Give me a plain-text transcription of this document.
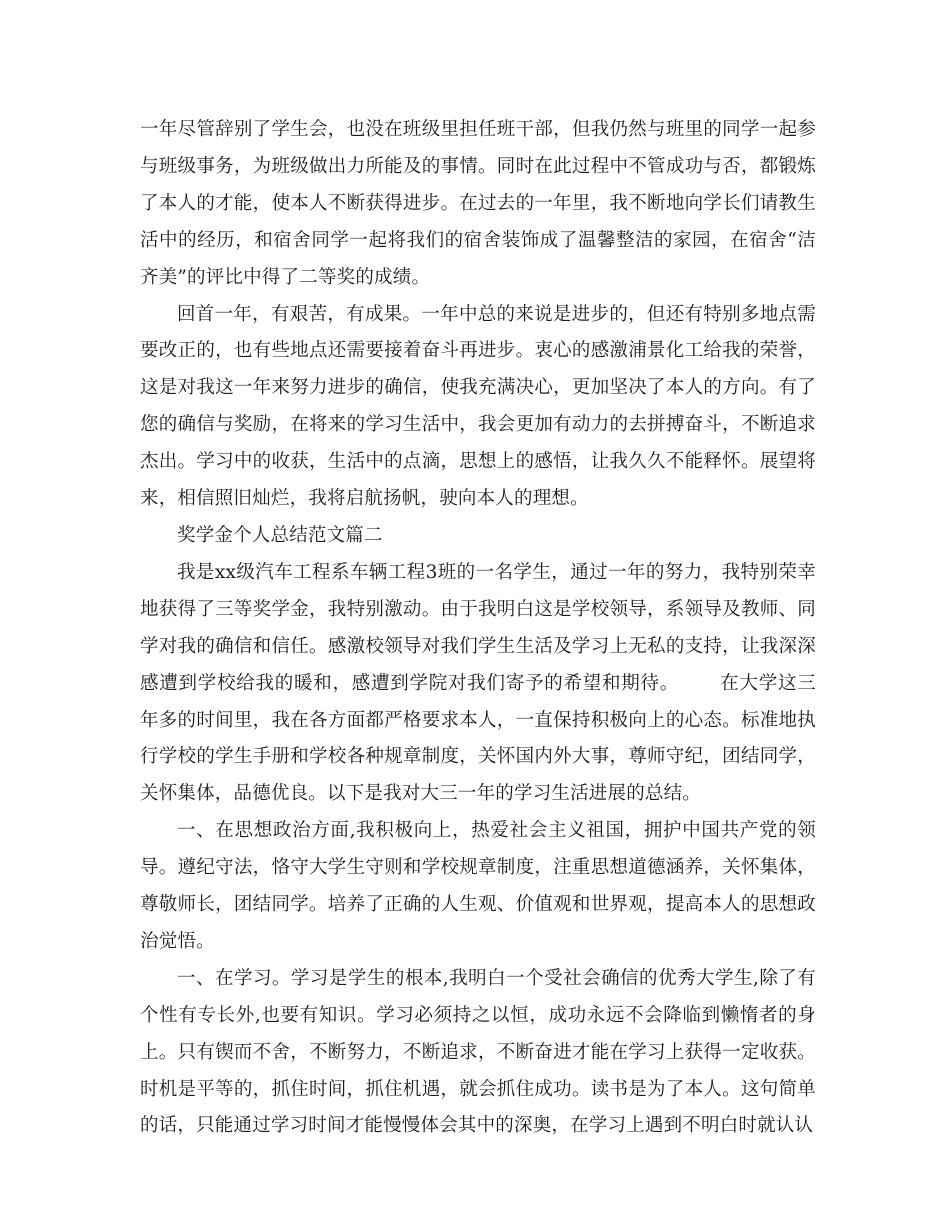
一年尽管辞别了学生会，也没在班级里担任班干部，但我仍然与班里的同学一起参与班级事务，为班级做出力所能及的事情。同时在此过程中不管成功与否，都锻炼了本人的才能，使本人不断获得进步。在过去的一年里，我不断地向学长们请教生活中的经历，和宿舍同学一起将我们的宿舍装饰成了温馨整洁的家园，在宿舍“洁齐美”的评比中得了二等奖的成绩。

回首一年，有艰苦，有成果。一年中总的来说是进步的，但还有特别多地点需要改正的，也有些地点还需要接着奋斗再进步。衷心的感激浦景化工给我的荣誉，这是对我这一年来努力进步的确信，使我充满决心，更加坚决了本人的方向。有了您的确信与奖励，在将来的学习生活中，我会更加有动力的去拼搏奋斗，不断追求杰出。学习中的收获，生活中的点滴，思想上的感悟，让我久久不能释怀。展望将来，相信照旧灿烂，我将启航扬帆，驶向本人的理想。

奖学金个人总结范文篇二

我是xx级汽车工程系车辆工程3班的一名学生，通过一年的努力，我特别荣幸地获得了三等奖学金，我特别激动。由于我明白这是学校领导，系领导及教师、同学对我的确信和信任。感激校领导对我们学生生活及学习上无私的支持，让我深深感遭到学校给我的暖和，感遭到学院对我们寄予的希望和期待。 在大学这三年多的时间里，我在各方面都严格要求本人，一直保持积极向上的心态。标准地执行学校的学生手册和学校各种规章制度，关怀国内外大事，尊师守纪，团结同学，关怀集体，品德优良。以下是我对大三一年的学习生活进展的总结。

一、在思想政治方面,我积极向上，热爱社会主义祖国，拥护中国共产党的领导。遵纪守法，恪守大学生守则和学校规章制度，注重思想道德涵养，关怀集体，尊敬师长，团结同学。培养了正确的人生观、价值观和世界观，提高本人的思想政治觉悟。

一、在学习。学习是学生的根本,我明白一个受社会确信的优秀大学生,除了有个性有专长外,也要有知识。学习必须持之以恒，成功永远不会降临到懒惰者的身上。只有锲而不舍，不断努力，不断追求，不断奋进才能在学习上获得一定收获。时机是平等的，抓住时间，抓住机遇，就会抓住成功。读书是为了本人。这句简单的话，只能通过学习时间才能慢慢体会其中的深奥，在学习上遇到不明白时就认认
